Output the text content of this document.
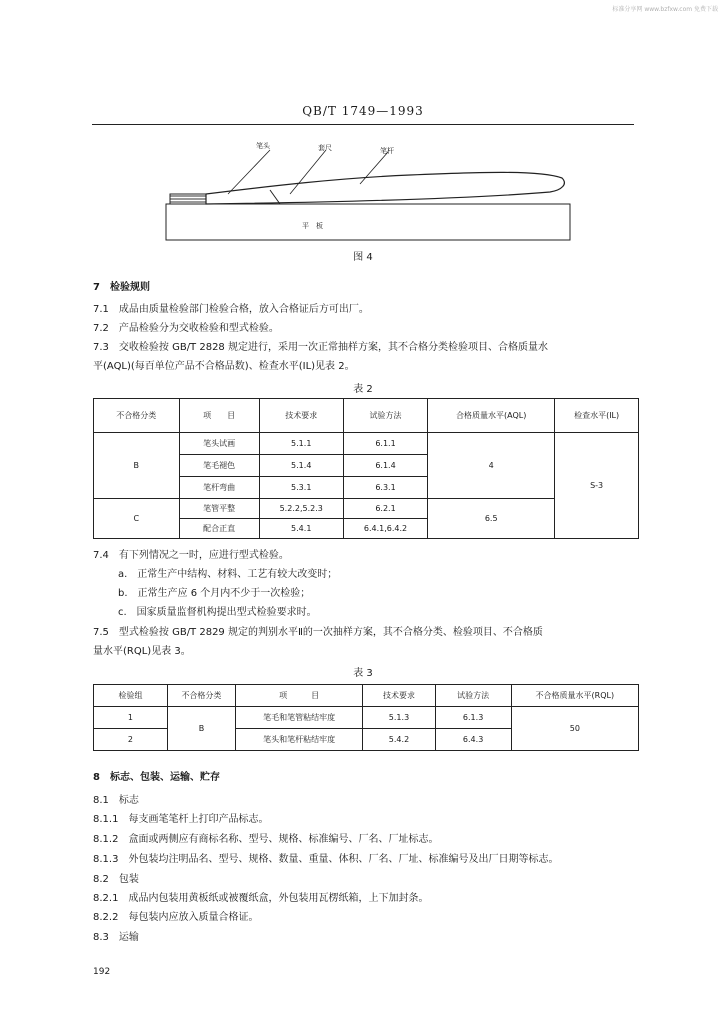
标准分享网 www.bzfxw.com 免费下载
QB/T 1749—1993
笔头	套尺	笔杆
平　板
图 4
7　检验规则
7.1　成品由质量检验部门检验合格，放入合格证后方可出厂。
7.2　产品检验分为交收检验和型式检验。
7.3　交收检验按 GB/T 2828 规定进行，采用一次正常抽样方案，其不合格分类检验项目、合格质量水
平(AQL)(每百单位产品不合格品数)、检查水平(IL)见表 2。
表 2
不合格分类	项　　目	技术要求	试验方法	合格质量水平(AQL)	检查水平(IL)
B	笔头试画	5.1.1	6.1.1	4	S-3
	笔毛褪色	5.1.4	6.1.4		
	笔杆弯曲	5.3.1	6.3.1		
C	笔管平整	5.2.2,5.2.3	6.2.1	6.5	
	配合正直	5.4.1	6.4.1,6.4.2		
7.4　有下列情况之一时，应进行型式检验。
a.　正常生产中结构、材料、工艺有较大改变时；
b.　正常生产应 6 个月内不少于一次检验；
c.　国家质量监督机构提出型式检验要求时。
7.5　型式检验按 GB/T 2829 规定的判别水平Ⅱ的一次抽样方案，其不合格分类、检验项目、不合格质
量水平(RQL)见表 3。
表 3
检验组	不合格分类	项　　　目	技术要求	试验方法	不合格质量水平(RQL)
1	B	笔毛和笔管粘结牢度	5.1.3	6.1.3	50
2		笔头和笔杆粘结牢度	5.4.2	6.4.3	
8　标志、包装、运输、贮存
8.1　标志
8.1.1　每支画笔笔杆上打印产品标志。
8.1.2　盒面或两侧应有商标名称、型号、规格、标准编号、厂名、厂址标志。
8.1.3　外包装均注明品名、型号、规格、数量、重量、体积、厂名、厂址、标准编号及出厂日期等标志。
8.2　包装
8.2.1　成品内包装用黄板纸或被覆纸盒，外包装用瓦楞纸箱，上下加封条。
8.2.2　每包装内应放入质量合格证。
8.3　运输
192
